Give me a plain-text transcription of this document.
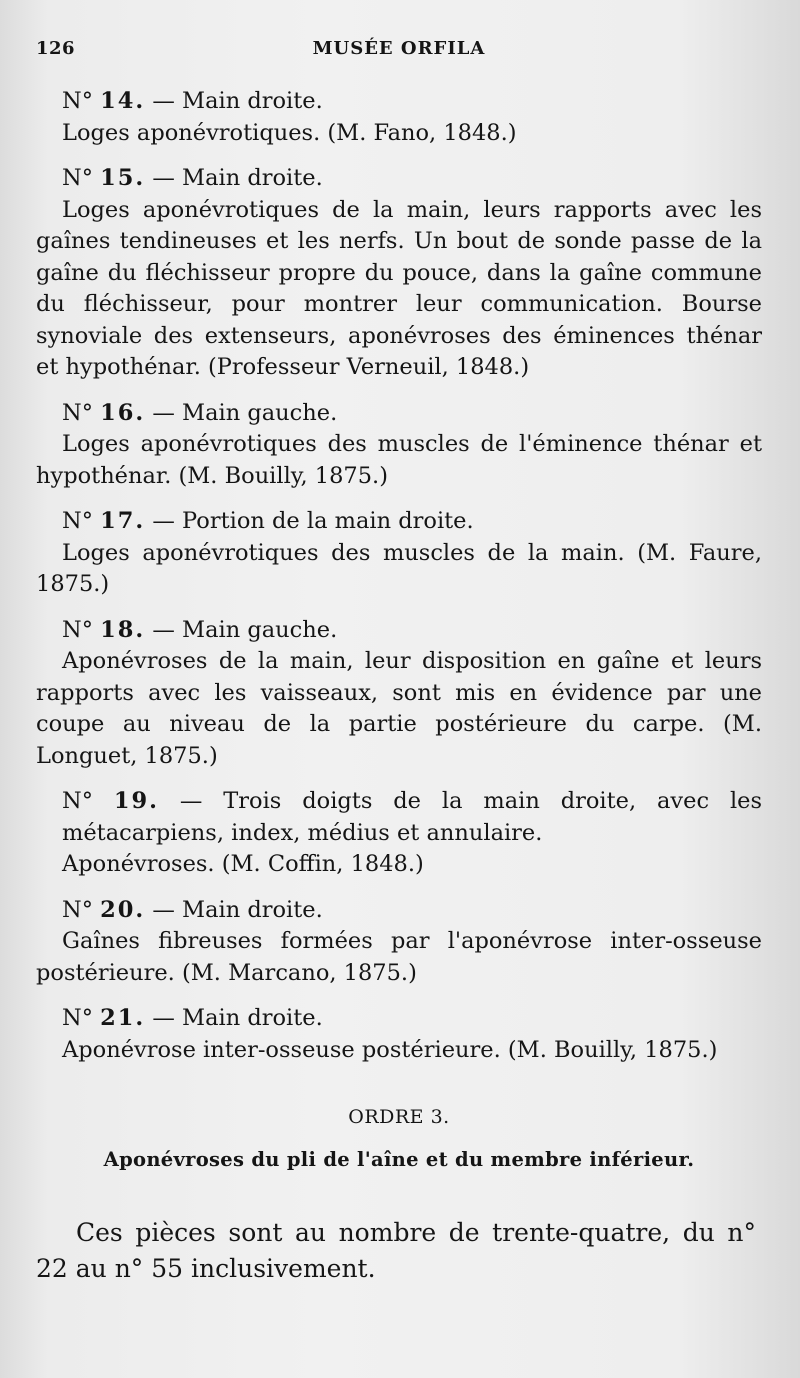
126	MUSÉE ORFILA
N° 14. — Main droite.
Loges aponévrotiques. (M. Fano, 1848.)
N° 15. — Main droite.
Loges aponévrotiques de la main, leurs rapports avec les gaînes tendineuses et les nerfs. Un bout de sonde passe de la gaîne du fléchisseur propre du pouce, dans la gaîne commune du fléchisseur, pour montrer leur communication. Bourse synoviale des extenseurs, aponévroses des éminences thénar et hypothénar. (Professeur Verneuil, 1848.)
N° 16. — Main gauche.
Loges aponévrotiques des muscles de l'éminence thénar et hypothénar. (M. Bouilly, 1875.)
N° 17. — Portion de la main droite.
Loges aponévrotiques des muscles de la main. (M. Faure, 1875.)
N° 18. — Main gauche.
Aponévroses de la main, leur disposition en gaîne et leurs rapports avec les vaisseaux, sont mis en évidence par une coupe au niveau de la partie postérieure du carpe. (M. Longuet, 1875.)
N° 19. — Trois doigts de la main droite, avec les métacarpiens, index, médius et annulaire.
Aponévroses. (M. Coffin, 1848.)
N° 20. — Main droite.
Gaînes fibreuses formées par l'aponévrose inter-osseuse postérieure. (M. Marcano, 1875.)
N° 21. — Main droite.
Aponévrose inter-osseuse postérieure. (M. Bouilly, 1875.)
ORDRE 3.
Aponévroses du pli de l'aîne et du membre inférieur.
Ces pièces sont au nombre de trente-quatre, du n° 22 au n° 55 inclusivement.
